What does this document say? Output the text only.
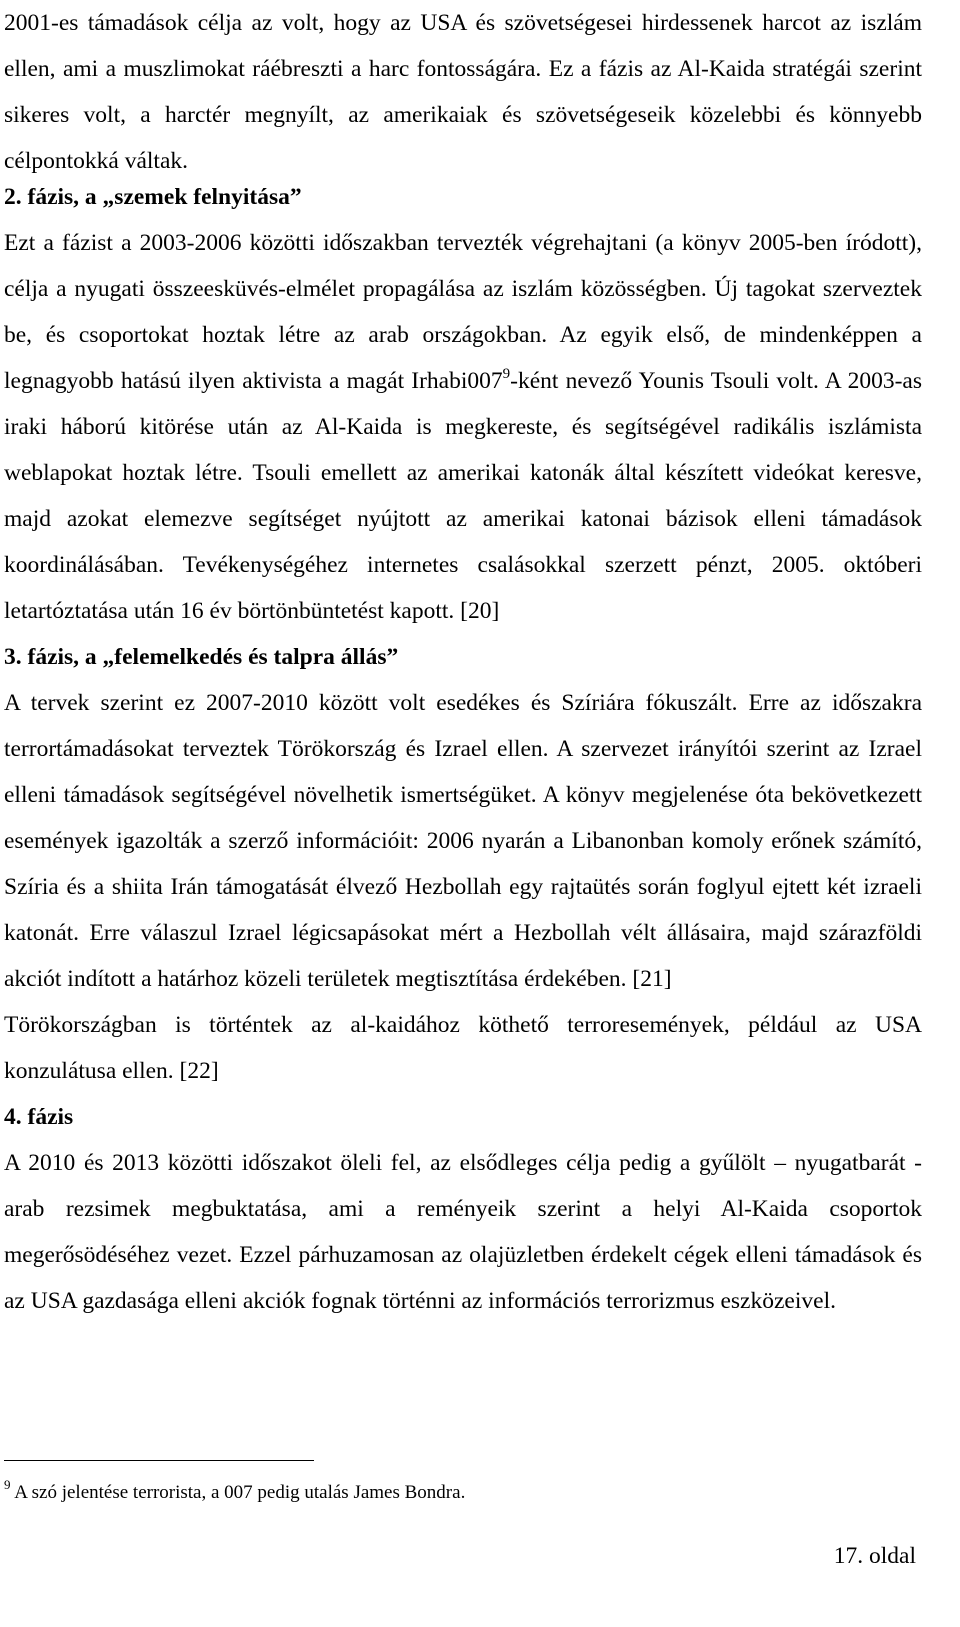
2001-es támadások célja az volt, hogy az USA és szövetségesei hirdessenek harcot az iszlám ellen, ami a muszlimokat ráébreszti a harc fontosságára. Ez a fázis az Al-Kaida stratégái szerint sikeres volt, a harctér megnyílt, az amerikaiak és szövetségeseik közelebbi és könnyebb célpontokká váltak.

2. fázis, a „szemek felnyitása”

Ezt a fázist a 2003-2006 közötti időszakban tervezték végrehajtani (a könyv 2005-ben íródott), célja a nyugati összeesküvés-elmélet propagálása az iszlám közösségben. Új tagokat szerveztek be, és csoportokat hoztak létre az arab országokban. Az egyik első, de mindenképpen a legnagyobb hatású ilyen aktivista a magát $Irhabi007^9$-ként nevező Younis Tsouli volt. A 2003-as iraki háború kitörése után az Al-Kaida is megkereste, és segítségével radikális iszlámista weblapokat hoztak létre. Tsouli emellett az amerikai katonák által készített videókat keresve, majd azokat elemezve segítséget nyújtott az amerikai katonai bázisok elleni támadások koordinálásában. Tevékenységéhez internetes csalásokkal szerzett pénzt, 2005. októberi letartóztatása után 16 év börtönbüntetést kapott. [20]

3. fázis, a „felemelkedés és talpra állás”

A tervek szerint ez 2007-2010 között volt esedékes és Szíriára fókuszált. Erre az időszakra terrortámadásokat terveztek Törökország és Izrael ellen. A szervezet irányítói szerint az Izrael elleni támadások segítségével növelhetik ismertségüket. A könyv megjelenése óta bekövetkezett események igazolták a szerző információit: 2006 nyarán a Libanonban komoly erőnek számító, Szíria és a shiita Irán támogatását élvező Hezbollah egy rajtaütés során foglyul ejtett két izraeli katonát. Erre válaszul Izrael légicsapásokat mért a Hezbollah vélt állásaira, majd szárazföldi akciót indított a határhoz közeli területek megtisztítása érdekében. [21]

Törökországban is történtek az al-kaidához köthető terroresemények, például az USA konzulátusa ellen. [22]

4. fázis

A 2010 és 2013 közötti időszakot öleli fel, az elsődleges célja pedig a gyűlölt – nyugatbarát - arab rezsimek megbuktatása, ami a reményeik szerint a helyi Al-Kaida csoportok megerősödéséhez vezet. Ezzel párhuzamosan az olajüzletben érdekelt cégek elleni támadások és az USA gazdasága elleni akciók fognak történni az információs terrorizmus eszközeivel.

$^9$ A szó jelentése terrorista, a 007 pedig utalás James Bondra.
17. oldal
